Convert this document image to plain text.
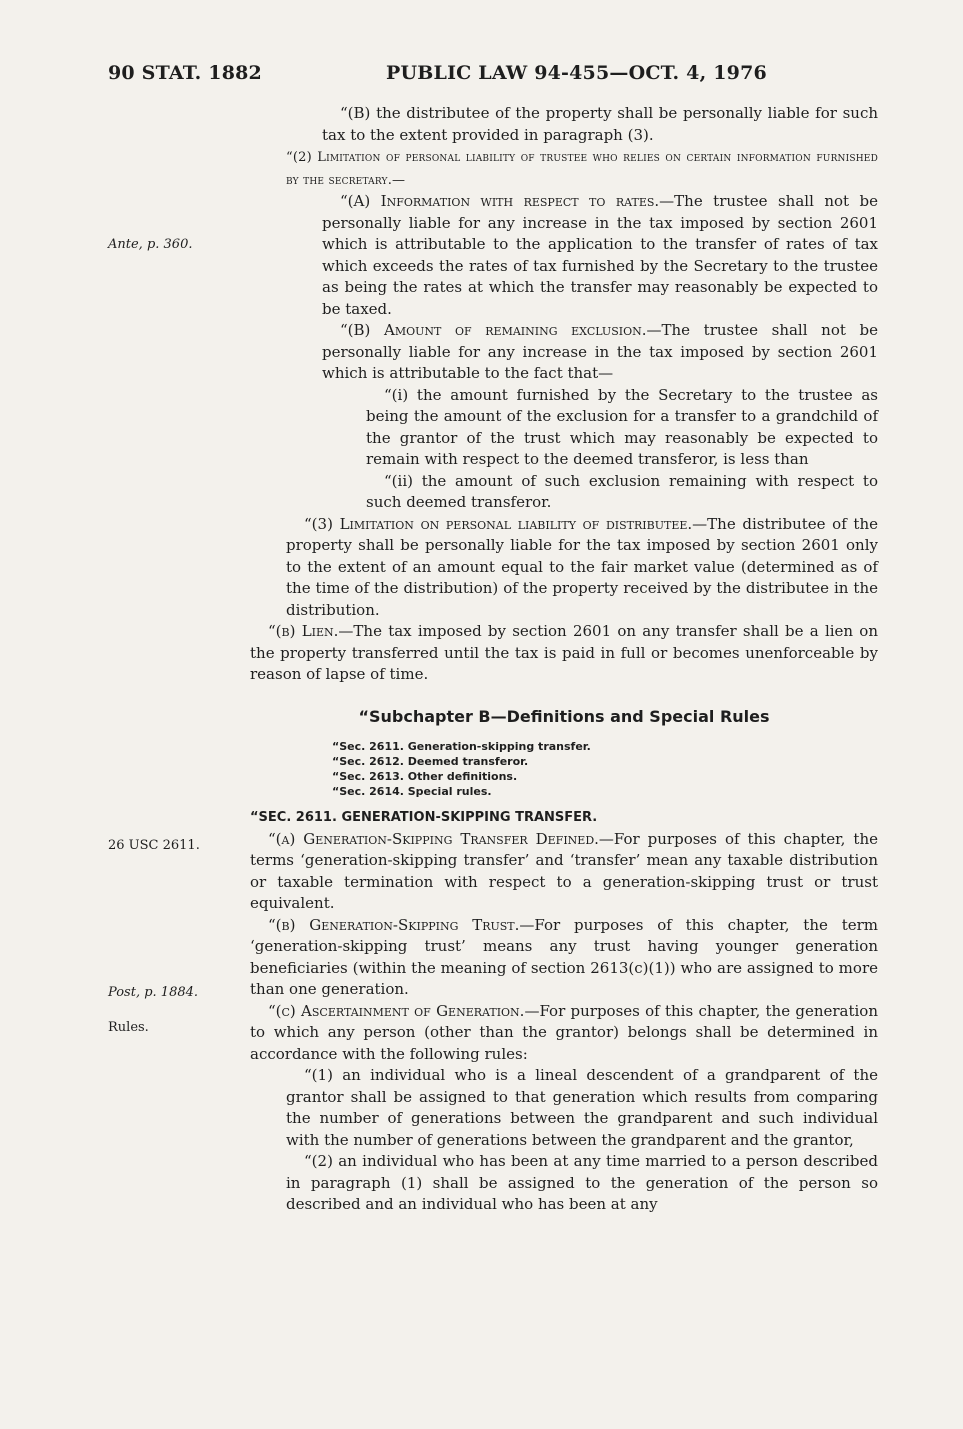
90 STAT. 1882	PUBLIC LAW 94-455—OCT. 4, 1976
Ante, p. 360.
26 USC 2611.
Post, p. 1884.
Rules.

“(B) the distributee of the property shall be personally liable for such tax to the extent provided in paragraph (3).

“(2) Limitation of personal liability of trustee who relies on certain information furnished by the secretary.—

“(A) Information with respect to rates.—The trustee shall not be personally liable for any increase in the tax imposed by section 2601 which is attributable to the application to the transfer of rates of tax which exceeds the rates of tax furnished by the Secretary to the trustee as being the rates at which the transfer may reasonably be expected to be taxed.

“(B) Amount of remaining exclusion.—The trustee shall not be personally liable for any increase in the tax imposed by section 2601 which is attributable to the fact that—

“(i) the amount furnished by the Secretary to the trustee as being the amount of the exclusion for a transfer to a grandchild of the grantor of the trust which may reasonably be expected to remain with respect to the deemed transferor, is less than

“(ii) the amount of such exclusion remaining with respect to such deemed transferor.

“(3) Limitation on personal liability of distributee.—The distributee of the property shall be personally liable for the tax imposed by section 2601 only to the extent of an amount equal to the fair market value (determined as of the time of the distribution) of the property received by the distributee in the distribution.

“(b) Lien.—The tax imposed by section 2601 on any transfer shall be a lien on the property transferred until the tax is paid in full or becomes unenforceable by reason of lapse of time.

“Subchapter B—Definitions and Special Rules

“Sec. 2611. Generation-skipping transfer.
“Sec. 2612. Deemed transferor.
“Sec. 2613. Other definitions.
“Sec. 2614. Special rules.

“SEC. 2611. GENERATION-SKIPPING TRANSFER.

“(a) Generation-Skipping Transfer Defined.—For purposes of this chapter, the terms ‘generation-skipping transfer’ and ‘transfer’ mean any taxable distribution or taxable termination with respect to a generation-skipping trust or trust equivalent.

“(b) Generation-Skipping Trust.—For purposes of this chapter, the term ‘generation-skipping trust’ means any trust having younger generation beneficiaries (within the meaning of section 2613(c)(1)) who are assigned to more than one generation.

“(c) Ascertainment of Generation.—For purposes of this chapter, the generation to which any person (other than the grantor) belongs shall be determined in accordance with the following rules:

“(1) an individual who is a lineal descendent of a grandparent of the grantor shall be assigned to that generation which results from comparing the number of generations between the grandparent and such individual with the number of generations between the grandparent and the grantor,

“(2) an individual who has been at any time married to a person described in paragraph (1) shall be assigned to the generation of the person so described and an individual who has been at any
